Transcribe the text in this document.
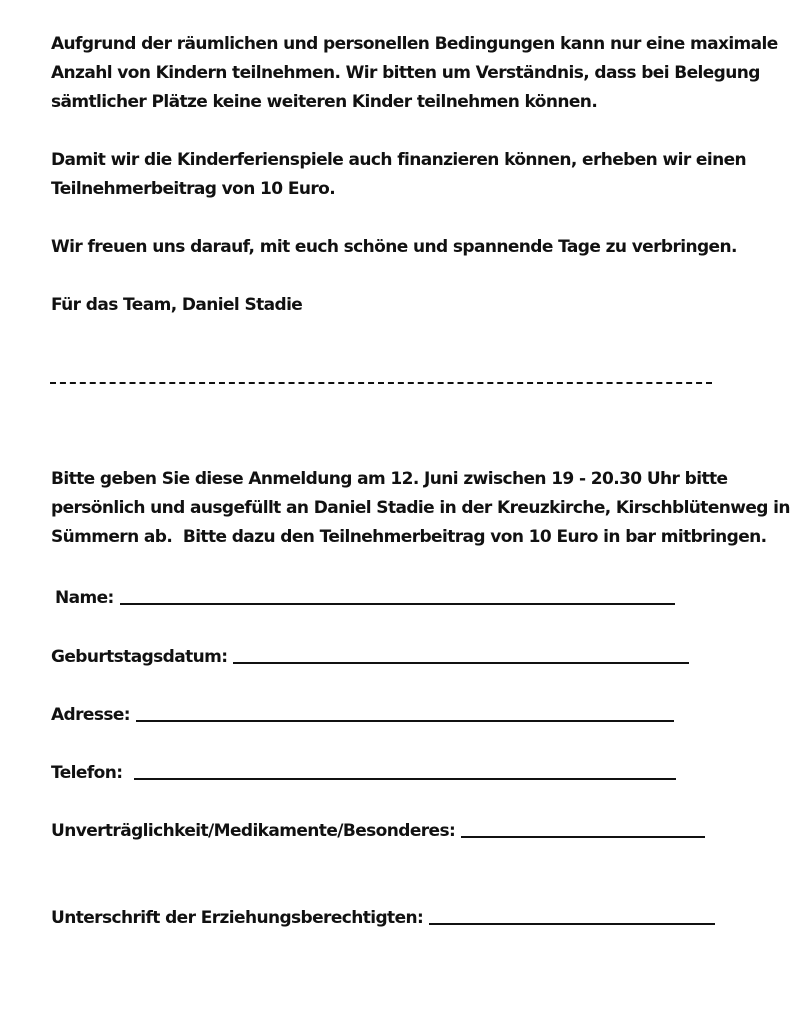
Aufgrund der räumlichen und personellen Bedingungen kann nur eine maximale
Anzahl von Kindern teilnehmen. Wir bitten um Verständnis, dass bei Belegung
sämtlicher Plätze keine weiteren Kinder teilnehmen können.
Damit wir die Kinderferienspiele auch finanzieren können, erheben wir einen
Teilnehmerbeitrag von 10 Euro.
Wir freuen uns darauf, mit euch schöne und spannende Tage zu verbringen.
Für das Team, Daniel Stadie
Bitte geben Sie diese Anmeldung am 12. Juni zwischen 19 - 20.30 Uhr bitte
persönlich und ausgefüllt an Daniel Stadie in der Kreuzkirche, Kirschblütenweg in
Sümmern ab.  Bitte dazu den Teilnehmerbeitrag von 10 Euro in bar mitbringen.
Name:
Geburtstagsdatum:
Adresse:
Telefon:
Unverträglichkeit/Medikamente/Besonderes:
Unterschrift der Erziehungsberechtigten:
